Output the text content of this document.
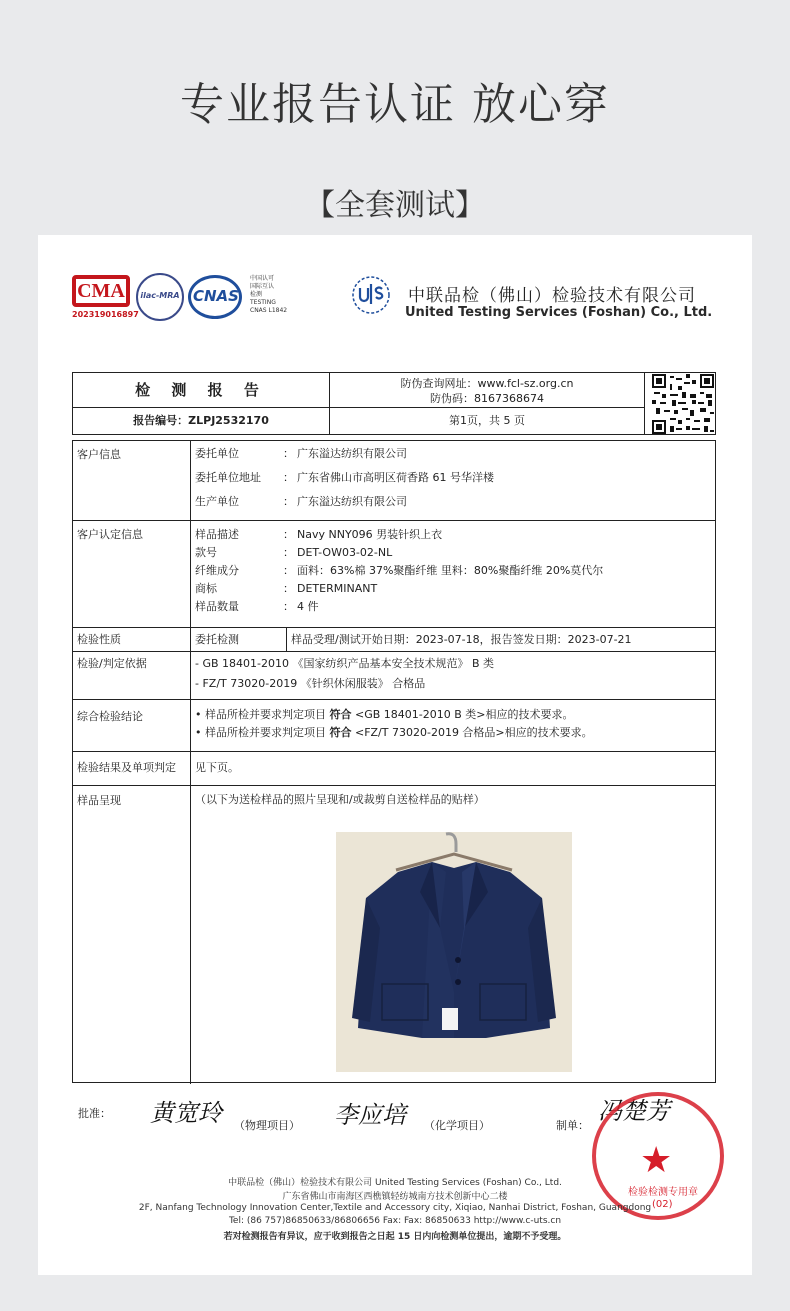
专业报告认证 放心穿
【全套测试】
CMA
202319016897
ilac-MRA CNAS
中国认可
国际互认
检测
TESTING
CNAS L1842
中联品检（佛山）检验技术有限公司
United Testing Services (Foshan) Co., Ltd.
检 测 报 告
报告编号：ZLPJ2532170
防伪查询网址：www.fcl-sz.org.cn
防伪码：8167368674
第1页，共 5 页
客户信息	委托单位	： 广东溢达纺织有限公司
委托单位地址	： 广东省佛山市高明区荷香路 61 号华洋楼
生产单位	： 广东溢达纺织有限公司
客户认定信息	样品描述	： Navy NNY096 男装针织上衣
款号	： DET-OW03-02-NL
纤维成分	： 面料：63%棉 37%聚酯纤维 里料：80%聚酯纤维 20%莫代尔
商标	： DETERMINANT
样品数量	： 4 件
检验性质	委托检测	样品受理/测试开始日期：2023-07-18，报告签发日期：2023-07-21
检验/判定依据	- GB 18401-2010 《国家纺织产品基本安全技术规范》 B 类
- FZ/T 73020-2019 《针织休闲服装》 合格品
综合检验结论	• 样品所检并要求判定项目 符合 <GB 18401-2010 B 类>相应的技术要求。
• 样品所检并要求判定项目 符合 <FZ/T 73020-2019 合格品>相应的技术要求。
检验结果及单项判定	见下页。
样品呈现	（以下为送检样品的照片呈现和/或裁剪自送检样品的贴样）
批准： 黄宽玲 （物理项目） 李应培 （化学项目）	制单：
冯楚芳
★
检验检测专用章
(02)
中联品检（佛山）检验技术有限公司 United Testing Services (Foshan) Co., Ltd.
广东省佛山市南海区西樵镇轻纺城南方技术创新中心二楼
2F, Nanfang Technology Innovation Center,Textile and Accessory city, Xiqiao, Nanhai District, Foshan, Guangdong
Tel: (86 757)86850633/86806656 Fax: Fax: 86850633 http://www.c-uts.cn
若对检测报告有异议，应于收到报告之日起 15 日内向检测单位提出，逾期不予受理。
